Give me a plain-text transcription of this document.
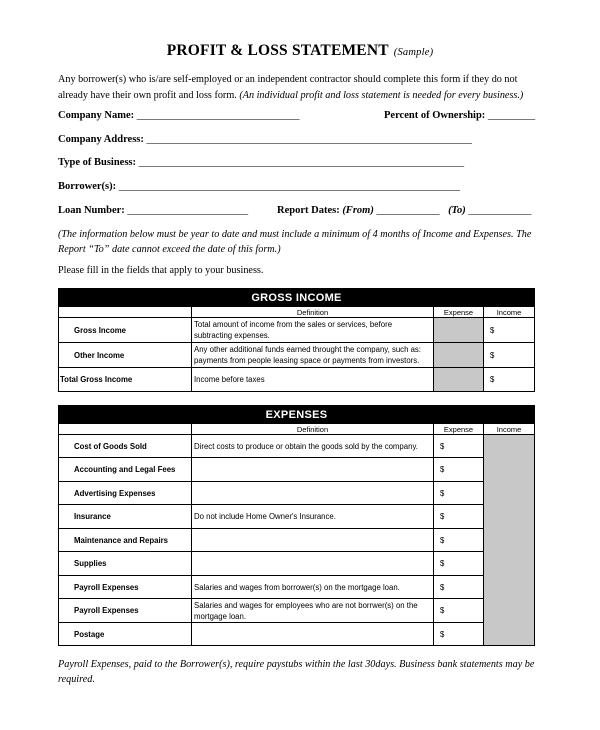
PROFIT & LOSS STATEMENT (Sample)
Any borrower(s) who is/are self-employed or an independent contractor should complete this form if they do not already have their own profit and loss form. (An individual profit and loss statement is needed for every business.)
Company Name: _______________________________	Percent of Ownership: _________
Company Address: ______________________________________________________________
Type of Business: ______________________________________________________________
Borrower(s): _________________________________________________________________
Loan Number: _______________________	Report Dates: (From) ____________ (To) ____________
(The information below must be year to date and must include a minimum of 4 months of Income and Expenses. The Report “To” date cannot exceed the date of this form.)
Please fill in the fields that apply to your business.
GROSS INCOME			
	Definition	Expense	Income
Gross Income	Total amount of income from the sales or services, before subtracting expenses.		$
Other Income	Any other additional funds earned throught the company, such as: payments from people leasing space or payments from investors.		$
Total Gross Income	Income before taxes		$
EXPENSES			
	Definition	Expense	Income
Cost of Goods Sold	Direct costs to produce or obtain the goods sold by the company.	$	
Accounting and Legal Fees		$	
Advertising Expenses		$	
Insurance	Do not include Home Owner's Insurance.	$	
Maintenance and Repairs		$	
Supplies		$	
Payroll Expenses	Salaries and wages from borrower(s) on the mortgage loan.	$	
Payroll Expenses	Salaries and wages for employees who are not borrwer(s) on the mortgage loan.	$	
Postage		$	
Payroll Expenses, paid to the Borrower(s), require paystubs within the last 30days. Business bank statements may be required.
